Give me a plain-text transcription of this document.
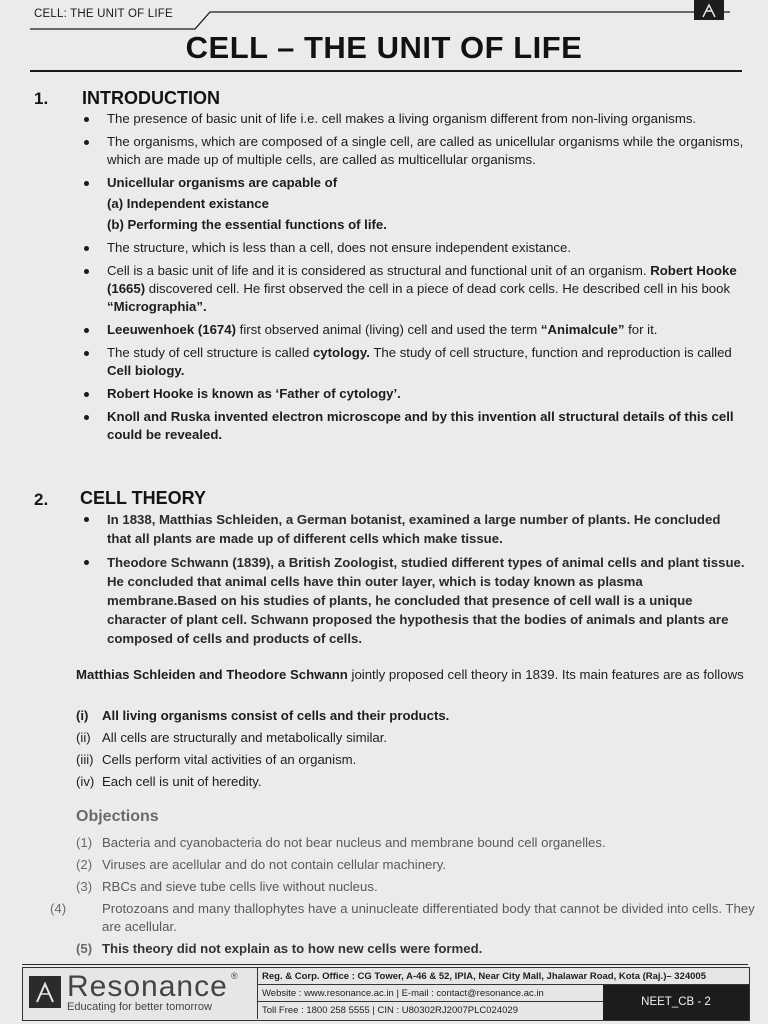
CELL: THE UNIT OF LIFE
CELL – THE UNIT OF LIFE
1. INTRODUCTION
The presence of basic unit of life i.e. cell makes a living organism different from non-living organisms.
The organisms, which are composed of a single cell, are called as unicellular organisms while the organisms, which are made up of multiple cells, are called as multicellular organisms.
Unicellular organisms are capable of
(a) Independent existance
(b) Performing the essential functions of life.
The structure, which is less than a cell, does not ensure independent existance.
Cell is a basic unit of life and it is considered as structural and functional unit of an organism. Robert Hooke (1665) discovered cell. He first observed the cell in a piece of dead cork cells. He described cell in his book “Micrographia”.
Leeuwenhoek (1674) first observed animal (living) cell and used the term “Animalcule” for it.
The study of cell structure is called cytology. The study of cell structure, function and reproduction is called Cell biology.
Robert Hooke is known as ‘Father of cytology’.
Knoll and Ruska invented electron microscope and by this invention all structural details of this cell could be revealed.
2. CELL THEORY
In 1838, Matthias Schleiden, a German botanist, examined a large number of plants. He concluded that all plants are made up of different cells which make tissue.
Theodore Schwann (1839), a British Zoologist, studied different types of animal cells and plant tissue. He concluded that animal cells have thin outer layer, which is today known as plasma membrane.Based on his studies of plants, he concluded that presence of cell wall is a unique character of plant cell. Schwann proposed the hypothesis that the bodies of animals and plants are composed of cells and products of cells.
Matthias Schleiden and Theodore Schwann jointly proposed cell theory in 1839. Its main features are as follows
(i) All living organisms consist of cells and their products.
(ii) All cells are structurally and metabolically similar.
(iii) Cells perform vital activities of an organism.
(iv) Each cell is unit of heredity.
Objections
(1) Bacteria and cyanobacteria do not bear nucleus and membrane bound cell organelles.
(2) Viruses are acellular and do not contain cellular machinery.
(3) RBCs and sieve tube cells live without nucleus.
(4)	Protozoans and many thallophytes have a uninucleate differentiated body that cannot be divided into cells. They are acellular.
(5) This theory did not explain as to how new cells were formed.
Resonance ®
Educating for better tomorrow
Reg. & Corp. Office : CG Tower, A-46 & 52, IPIA, Near City Mall, Jhalawar Road, Kota (Raj.)– 324005
Website : www.resonance.ac.in | E-mail : contact@resonance.ac.in
Toll Free : 1800 258 5555 | CIN : U80302RJ2007PLC024029
NEET_CB - 2
